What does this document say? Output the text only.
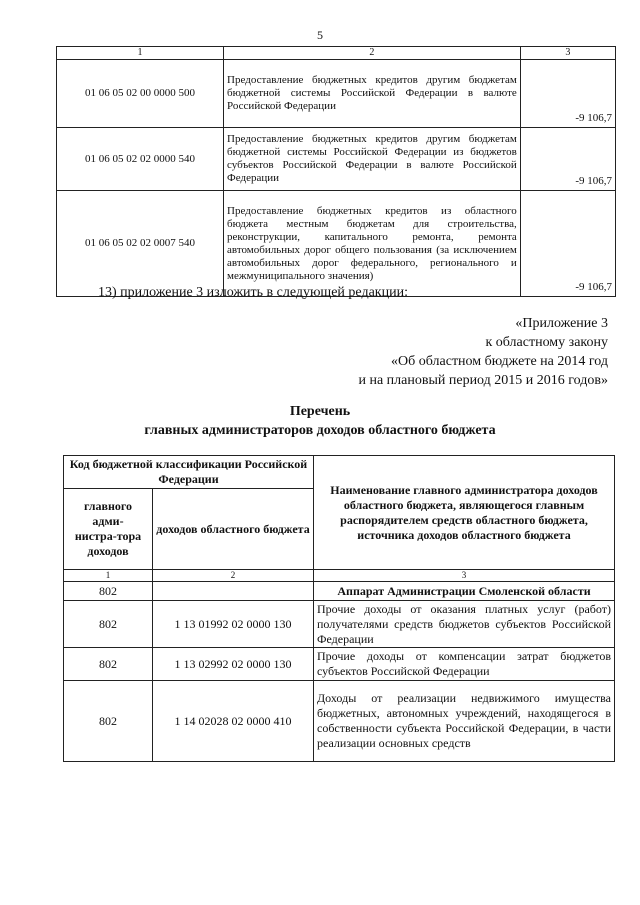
5
1	2	3
01 06 05 02 00 0000 500	Предоставление бюджетных кредитов другим бюджетам бюджетной системы Российской Федерации в валюте Российской Федерации	-9 106,7
01 06 05 02 02 0000 540	Предоставление бюджетных кредитов другим бюджетам бюджетной системы Российской Федерации из бюджетов субъектов Российской Федерации в валюте Российской Федерации	-9 106,7
01 06 05 02 02 0007 540	Предоставление бюджетных кредитов из областного бюджета местным бюджетам для строительства, реконструкции, капитального ремонта, ремонта автомобильных дорог общего пользования (за исключением автомобильных дорог федерального, регионального и межмуниципального значения)	-9 106,7
13) приложение 3 изложить в следующей редакции:
«Приложение 3
к областному закону
«Об областном бюджете на 2014 год
и на плановый период 2015 и 2016 годов»
Перечень
главных администраторов доходов областного бюджета
Код бюджетной классификации Российской Федерации		Наименование главного администратора доходов областного бюджета, являющегося главным распорядителем средств областного бюджета, источника доходов областного бюджета
главного адми-нистра-тора доходов	доходов областного бюджета	
1	2	3
802		Аппарат Администрации Смоленской области
802	1 13 01992 02 0000 130	Прочие доходы от оказания платных услуг (работ) получателями средств бюджетов субъектов Российской Федерации
802	1 13 02992 02 0000 130	Прочие доходы от компенсации затрат бюджетов субъектов Российской Федерации
802	1 14 02028 02 0000 410	Доходы от реализации недвижимого имущества бюджетных, автономных учреждений, находящегося в собственности субъекта Российской Федерации, в части реализации основных средств
